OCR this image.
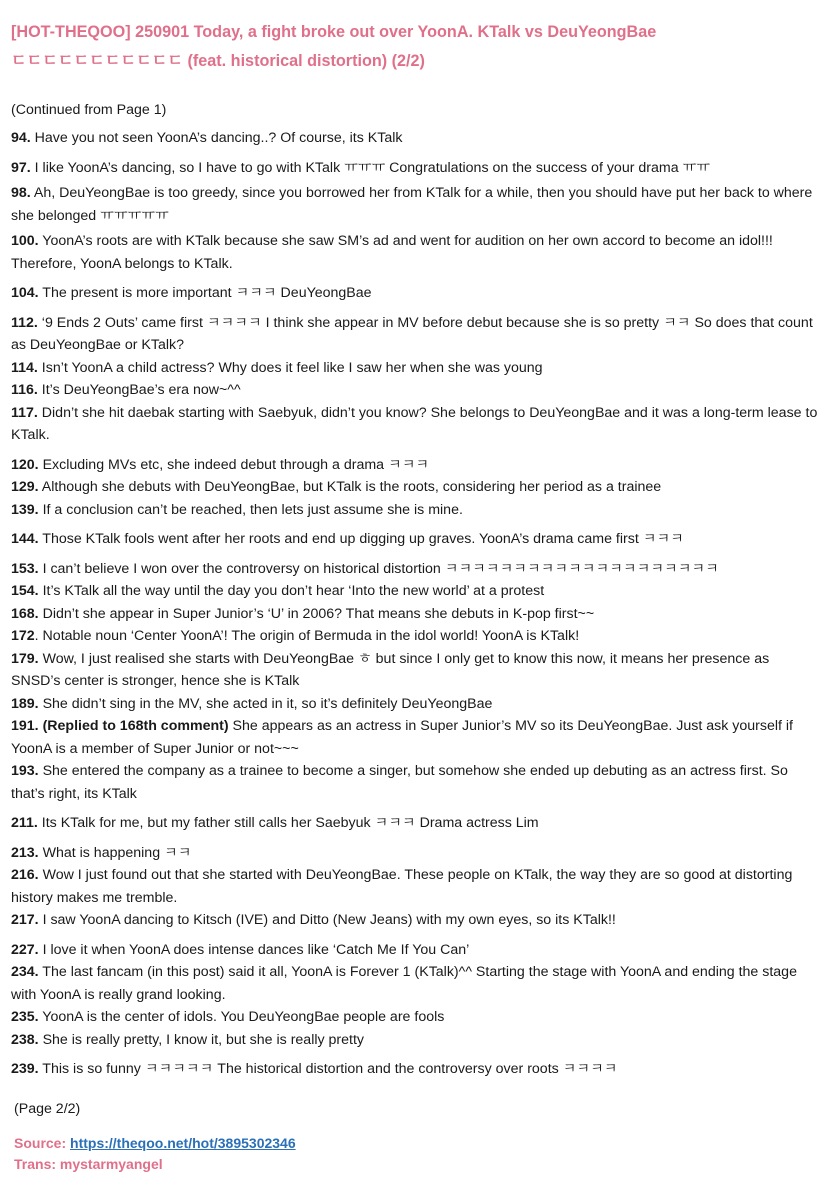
[HOT-THEQOO] 250901 Today, a fight broke out over YoonA. KTalk vs DeuYeongBae
ㄷㄷㄷㄷㄷㄷㄷㄷㄷㄷㄷ (feat. historical distortion) (2/2)
(Continued from Page 1)

94. Have you not seen YoonA’s dancing..? Of course, its KTalk

97. I like YoonA’s dancing, so I have to go with KTalk ㅠㅠㅠ Congratulations on the success of your drama ㅠㅠ

98. Ah, DeuYeongBae is too greedy, since you borrowed her from KTalk for a while, then you should have put her back to where she belonged ㅠㅠㅠㅠㅠ

100. YoonA’s roots are with KTalk because she saw SM’s ad and went for audition on her own accord to become an idol!!! Therefore, YoonA belongs to KTalk.

104. The present is more important ㅋㅋㅋ DeuYeongBae

112. ‘9 Ends 2 Outs’ came first ㅋㅋㅋㅋ I think she appear in MV before debut because she is so pretty ㅋㅋ So does that count as DeuYeongBae or KTalk?

114. Isn’t YoonA a child actress? Why does it feel like I saw her when she was young

116. It’s DeuYeongBae’s era now~^^

117. Didn’t she hit daebak starting with Saebyuk, didn’t you know? She belongs to DeuYeongBae and it was a long-term lease to KTalk.

120. Excluding MVs etc, she indeed debut through a drama ㅋㅋㅋ

129. Although she debuts with DeuYeongBae, but KTalk is the roots, considering her period as a trainee

139. If a conclusion can’t be reached, then lets just assume she is mine.

144. Those KTalk fools went after her roots and end up digging up graves. YoonA’s drama came first ㅋㅋㅋ

153. I can’t believe I won over the controversy on historical distortion ㅋㅋㅋㅋㅋㅋㅋㅋㅋㅋㅋㅋㅋㅋㅋㅋㅋㅋㅋㅋ

154. It’s KTalk all the way until the day you don’t hear ‘Into the new world’ at a protest

168. Didn’t she appear in Super Junior’s ‘U’ in 2006? That means she debuts in K-pop first~~

172. Notable noun ‘Center YoonA’! The origin of Bermuda in the idol world! YoonA is KTalk!

179. Wow, I just realised she starts with DeuYeongBae ㅎ but since I only get to know this now, it means her presence as SNSD’s center is stronger, hence she is KTalk

189. She didn’t sing in the MV, she acted in it, so it’s definitely DeuYeongBae

191. (Replied to 168th comment) She appears as an actress in Super Junior’s MV so its DeuYeongBae. Just ask yourself if YoonA is a member of Super Junior or not~~~

193. She entered the company as a trainee to become a singer, but somehow she ended up debuting as an actress first. So that’s right, its KTalk

211. Its KTalk for me, but my father still calls her Saebyuk ㅋㅋㅋ Drama actress Lim

213. What is happening ㅋㅋ

216. Wow I just found out that she started with DeuYeongBae. These people on KTalk, the way they are so good at distorting history makes me tremble.

217. I saw YoonA dancing to Kitsch (IVE) and Ditto (New Jeans) with my own eyes, so its KTalk!!

227. I love it when YoonA does intense dances like ‘Catch Me If You Can’

234. The last fancam (in this post) said it all, YoonA is Forever 1 (KTalk)^^ Starting the stage with YoonA and ending the stage with YoonA is really grand looking.

235. YoonA is the center of idols. You DeuYeongBae people are fools

238. She is really pretty, I know it, but she is really pretty

239. This is so funny ㅋㅋㅋㅋㅋ The historical distortion and the controversy over roots ㅋㅋㅋㅋ

(Page 2/2)
Source: https://theqoo.net/hot/3895302346
Trans: mystarmyangel
